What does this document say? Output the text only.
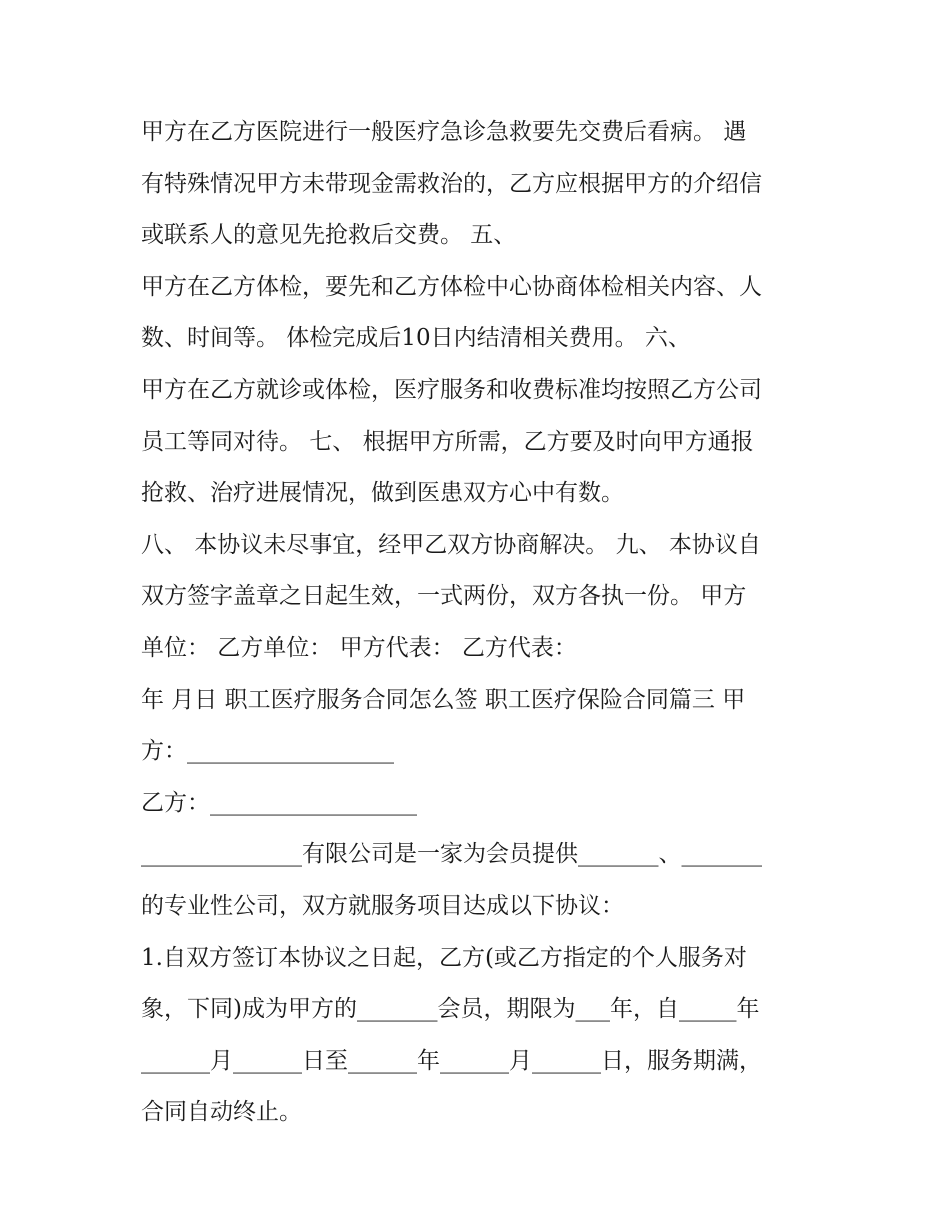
甲方在乙方医院进行一般医疗急诊急救要先交费后看病。 遇
有特殊情况甲方未带现金需救治的，乙方应根据甲方的介绍信
或联系人的意见先抢救后交费。 五、
甲方在乙方体检，要先和乙方体检中心协商体检相关内容、人
数、时间等。 体检完成后10日内结清相关费用。 六、
甲方在乙方就诊或体检，医疗服务和收费标准均按照乙方公司
员工等同对待。 七、 根据甲方所需，乙方要及时向甲方通报
抢救、治疗进展情况，做到医患双方心中有数。
八、 本协议未尽事宜，经甲乙双方协商解决。 九、 本协议自
双方签字盖章之日起生效，一式两份，双方各执一份。 甲方
单位： 乙方单位： 甲方代表： 乙方代表：
年 月日 职工医疗服务合同怎么签 职工医疗保险合同篇三 甲
方：__________________
乙方：__________________
______________有限公司是一家为会员提供_______、_______
的专业性公司，双方就服务项目达成以下协议：
1.自双方签订本协议之日起，乙方(或乙方指定的个人服务对
象，下同)成为甲方的_______会员，期限为___年，自_____年
______月______日至______年______月______日，服务期满，
合同自动终止。
